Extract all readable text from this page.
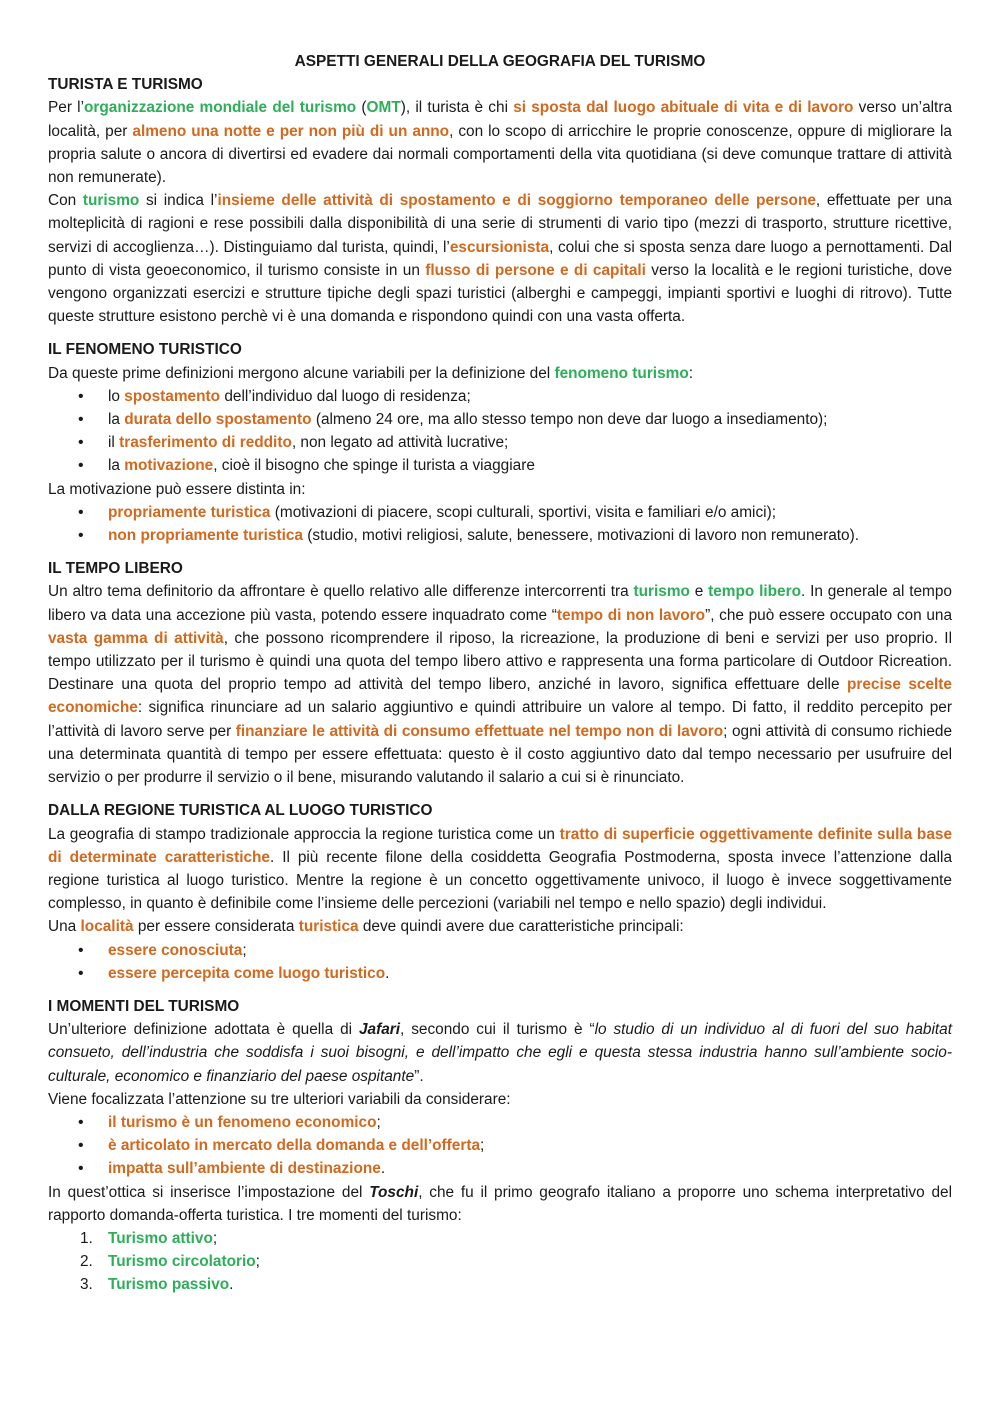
ASPETTI GENERALI DELLA GEOGRAFIA DEL TURISMO
TURISTA E TURISMO

Per l’organizzazione mondiale del turismo (OMT), il turista è chi si sposta dal luogo abituale di vita e di lavoro verso un’altra località, per almeno una notte e per non più di un anno, con lo scopo di arricchire le proprie conoscenze, oppure di migliorare la propria salute o ancora di divertirsi ed evadere dai normali comportamenti della vita quotidiana (si deve comunque trattare di attività non remunerate).

Con turismo si indica l’insieme delle attività di spostamento e di soggiorno temporaneo delle persone, effettuate per una molteplicità di ragioni e rese possibili dalla disponibilità di una serie di strumenti di vario tipo (mezzi di trasporto, strutture ricettive, servizi di accoglienza…). Distinguiamo dal turista, quindi, l’escursionista, colui che si sposta senza dare luogo a pernottamenti. Dal punto di vista geoeconomico, il turismo consiste in un flusso di persone e di capitali verso la località e le regioni turistiche, dove vengono organizzati esercizi e strutture tipiche degli spazi turistici (alberghi e campeggi, impianti sportivi e luoghi di ritrovo). Tutte queste strutture esistono perchè vi è una domanda e rispondono quindi con una vasta offerta.

IL FENOMENO TURISTICO

Da queste prime definizioni mergono alcune variabili per la definizione del fenomeno turismo:

• lo spostamento dell’individuo dal luogo di residenza;
• la durata dello spostamento (almeno 24 ore, ma allo stesso tempo non deve dar luogo a insediamento);
• il trasferimento di reddito, non legato ad attività lucrative;
• la motivazione, cioè il bisogno che spinge il turista a viaggiare

La motivazione può essere distinta in:

• propriamente turistica (motivazioni di piacere, scopi culturali, sportivi, visita e familiari e/o amici);
• non propriamente turistica (studio, motivi religiosi, salute, benessere, motivazioni di lavoro non remunerato).
IL TEMPO LIBERO

Un altro tema definitorio da affrontare è quello relativo alle differenze intercorrenti tra turismo e tempo libero. In generale al tempo libero va data una accezione più vasta, potendo essere inquadrato come “tempo di non lavoro”, che può essere occupato con una vasta gamma di attività, che possono ricomprendere il riposo, la ricreazione, la produzione di beni e servizi per uso proprio. Il tempo utilizzato per il turismo è quindi una quota del tempo libero attivo e rappresenta una forma particolare di Outdoor Ricreation. Destinare una quota del proprio tempo ad attività del tempo libero, anziché in lavoro, significa effettuare delle precise scelte economiche: significa rinunciare ad un salario aggiuntivo e quindi attribuire un valore al tempo. Di fatto, il reddito percepito per l’attività di lavoro serve per finanziare le attività di consumo effettuate nel tempo non di lavoro; ogni attività di consumo richiede una determinata quantità di tempo per essere effettuata: questo è il costo aggiuntivo dato dal tempo necessario per usufruire del servizio o per produrre il servizio o il bene, misurando valutando il salario a cui si è rinunciato.

DALLA REGIONE TURISTICA AL LUOGO TURISTICO

La geografia di stampo tradizionale approccia la regione turistica come un tratto di superficie oggettivamente definite sulla base di determinate caratteristiche. Il più recente filone della cosiddetta Geografia Postmoderna, sposta invece l’attenzione dalla regione turistica al luogo turistico. Mentre la regione è un concetto oggettivamente univoco, il luogo è invece soggettivamente complesso, in quanto è definibile come l’insieme delle percezioni (variabili nel tempo e nello spazio) degli individui.

Una località per essere considerata turistica deve quindi avere due caratteristiche principali:

• essere conosciuta;
• essere percepita come luogo turistico.
I MOMENTI DEL TURISMO

Un’ulteriore definizione adottata è quella di Jafari, secondo cui il turismo è “lo studio di un individuo al di fuori del suo habitat consueto, dell’industria che soddisfa i suoi bisogni, e dell’impatto che egli e questa stessa industria hanno sull’ambiente socio-culturale, economico e finanziario del paese ospitante”.

Viene focalizzata l’attenzione su tre ulteriori variabili da considerare:

• il turismo è un fenomeno economico;
• è articolato in mercato della domanda e dell’offerta;
• impatta sull’ambiente di destinazione.

In quest’ottica si inserisce l’impostazione del Toschi, che fu il primo geografo italiano a proporre uno schema interpretativo del rapporto domanda-offerta turistica. I tre momenti del turismo:

1. Turismo attivo;
2. Turismo circolatorio;
3. Turismo passivo.
